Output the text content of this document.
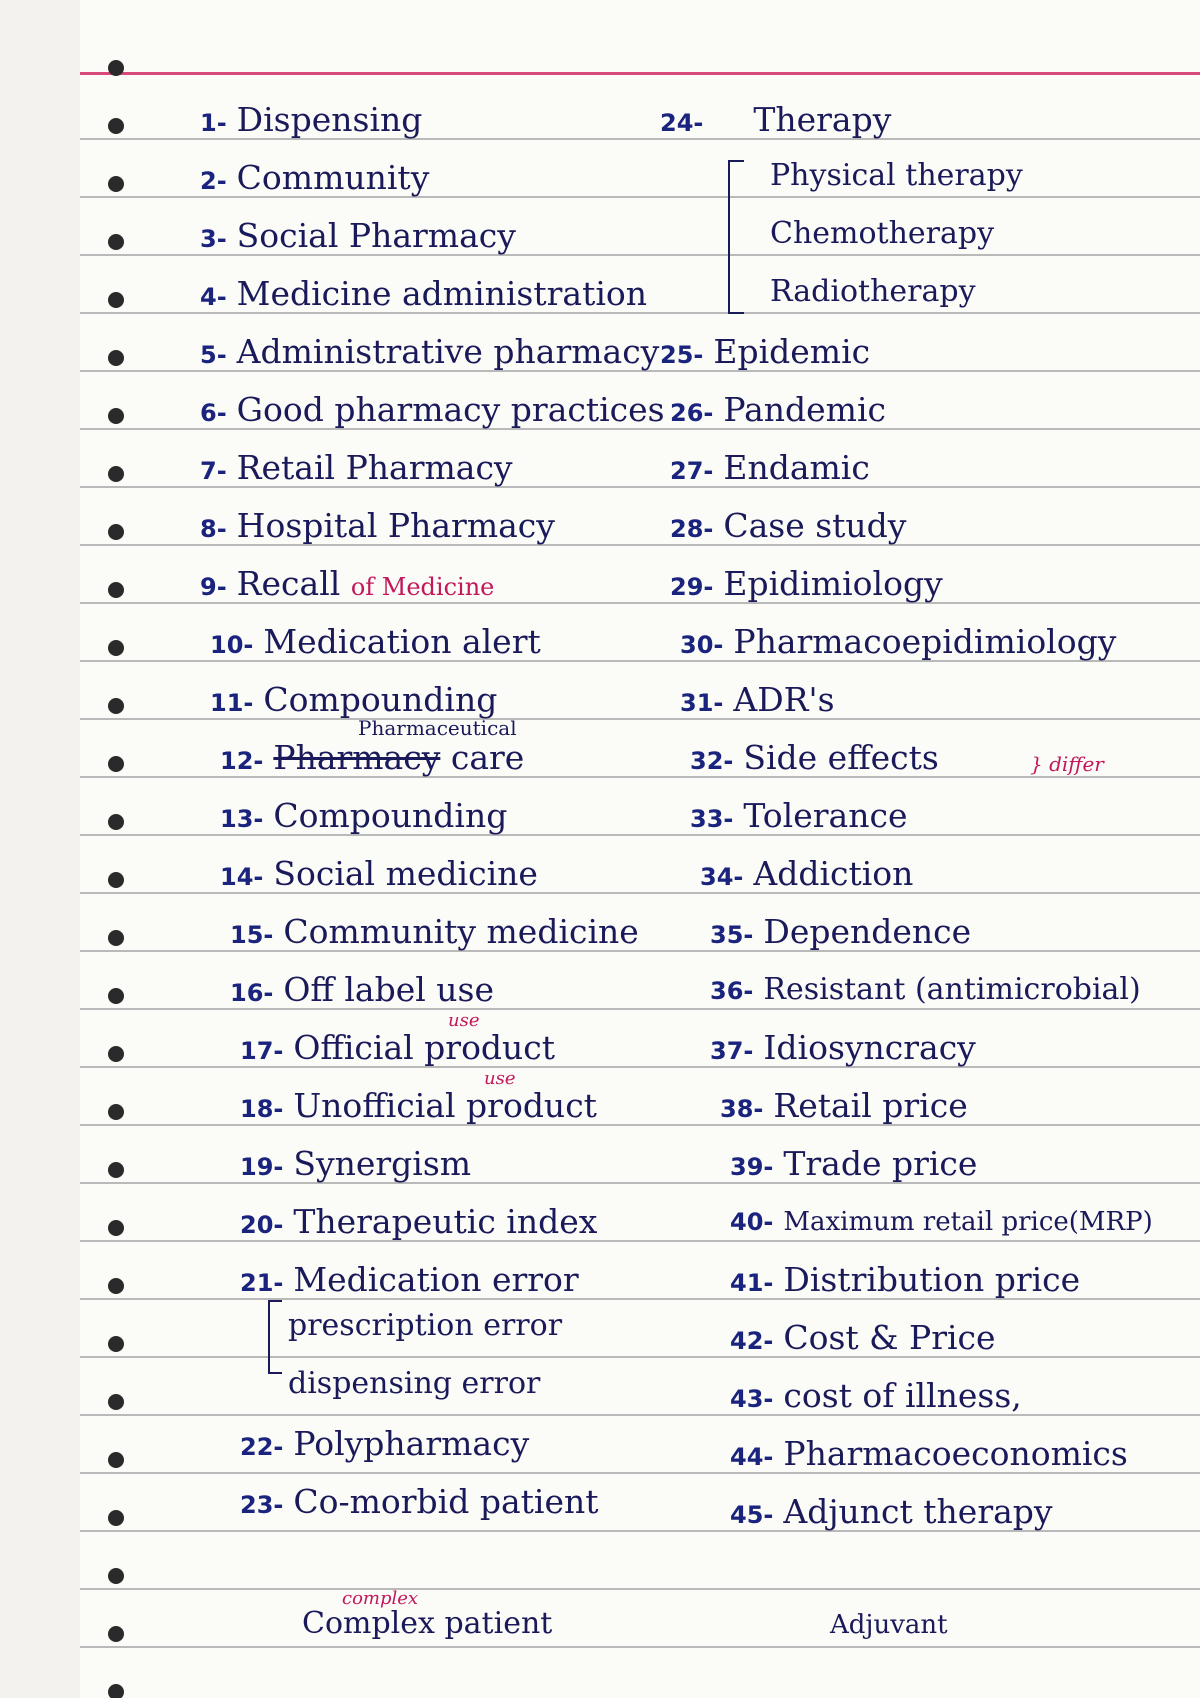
1- Dispensing
2- Community
3- Social Pharmacy
4- Medicine administration
5- Administrative pharmacy
6- Good pharmacy practices
7- Retail Pharmacy
8- Hospital Pharmacy
9- Recall of Medicine
10- Medication alert
11- Compounding
12- Pharmacy care
Pharmaceutical
13- Compounding
14- Social medicine
15- Community medicine
16- Off label use
17- Official product
use
18- Unofficial product
use
19- Synergism
20- Therapeutic index
21- Medication error
prescription error
dispensing error
22- Polypharmacy
23- Co-morbid patient
Complex patient
complex
24- Therapy
Physical therapy
Chemotherapy
Radiotherapy
25- Epidemic
26- Pandemic
27- Endamic
28- Case study
29- Epidimiology
30- Pharmacoepidimiology
31- ADR's
32- Side effects	} differ
33- Tolerance
34- Addiction
35- Dependence
36- Resistant (antimicrobial)
37- Idiosyncracy
38- Retail price
39- Trade price
40- Maximum retail price(MRP)
41- Distribution price
42- Cost & Price
43- cost of illness,
44- Pharmacoeconomics
45- Adjunct therapy
Adjuvant
